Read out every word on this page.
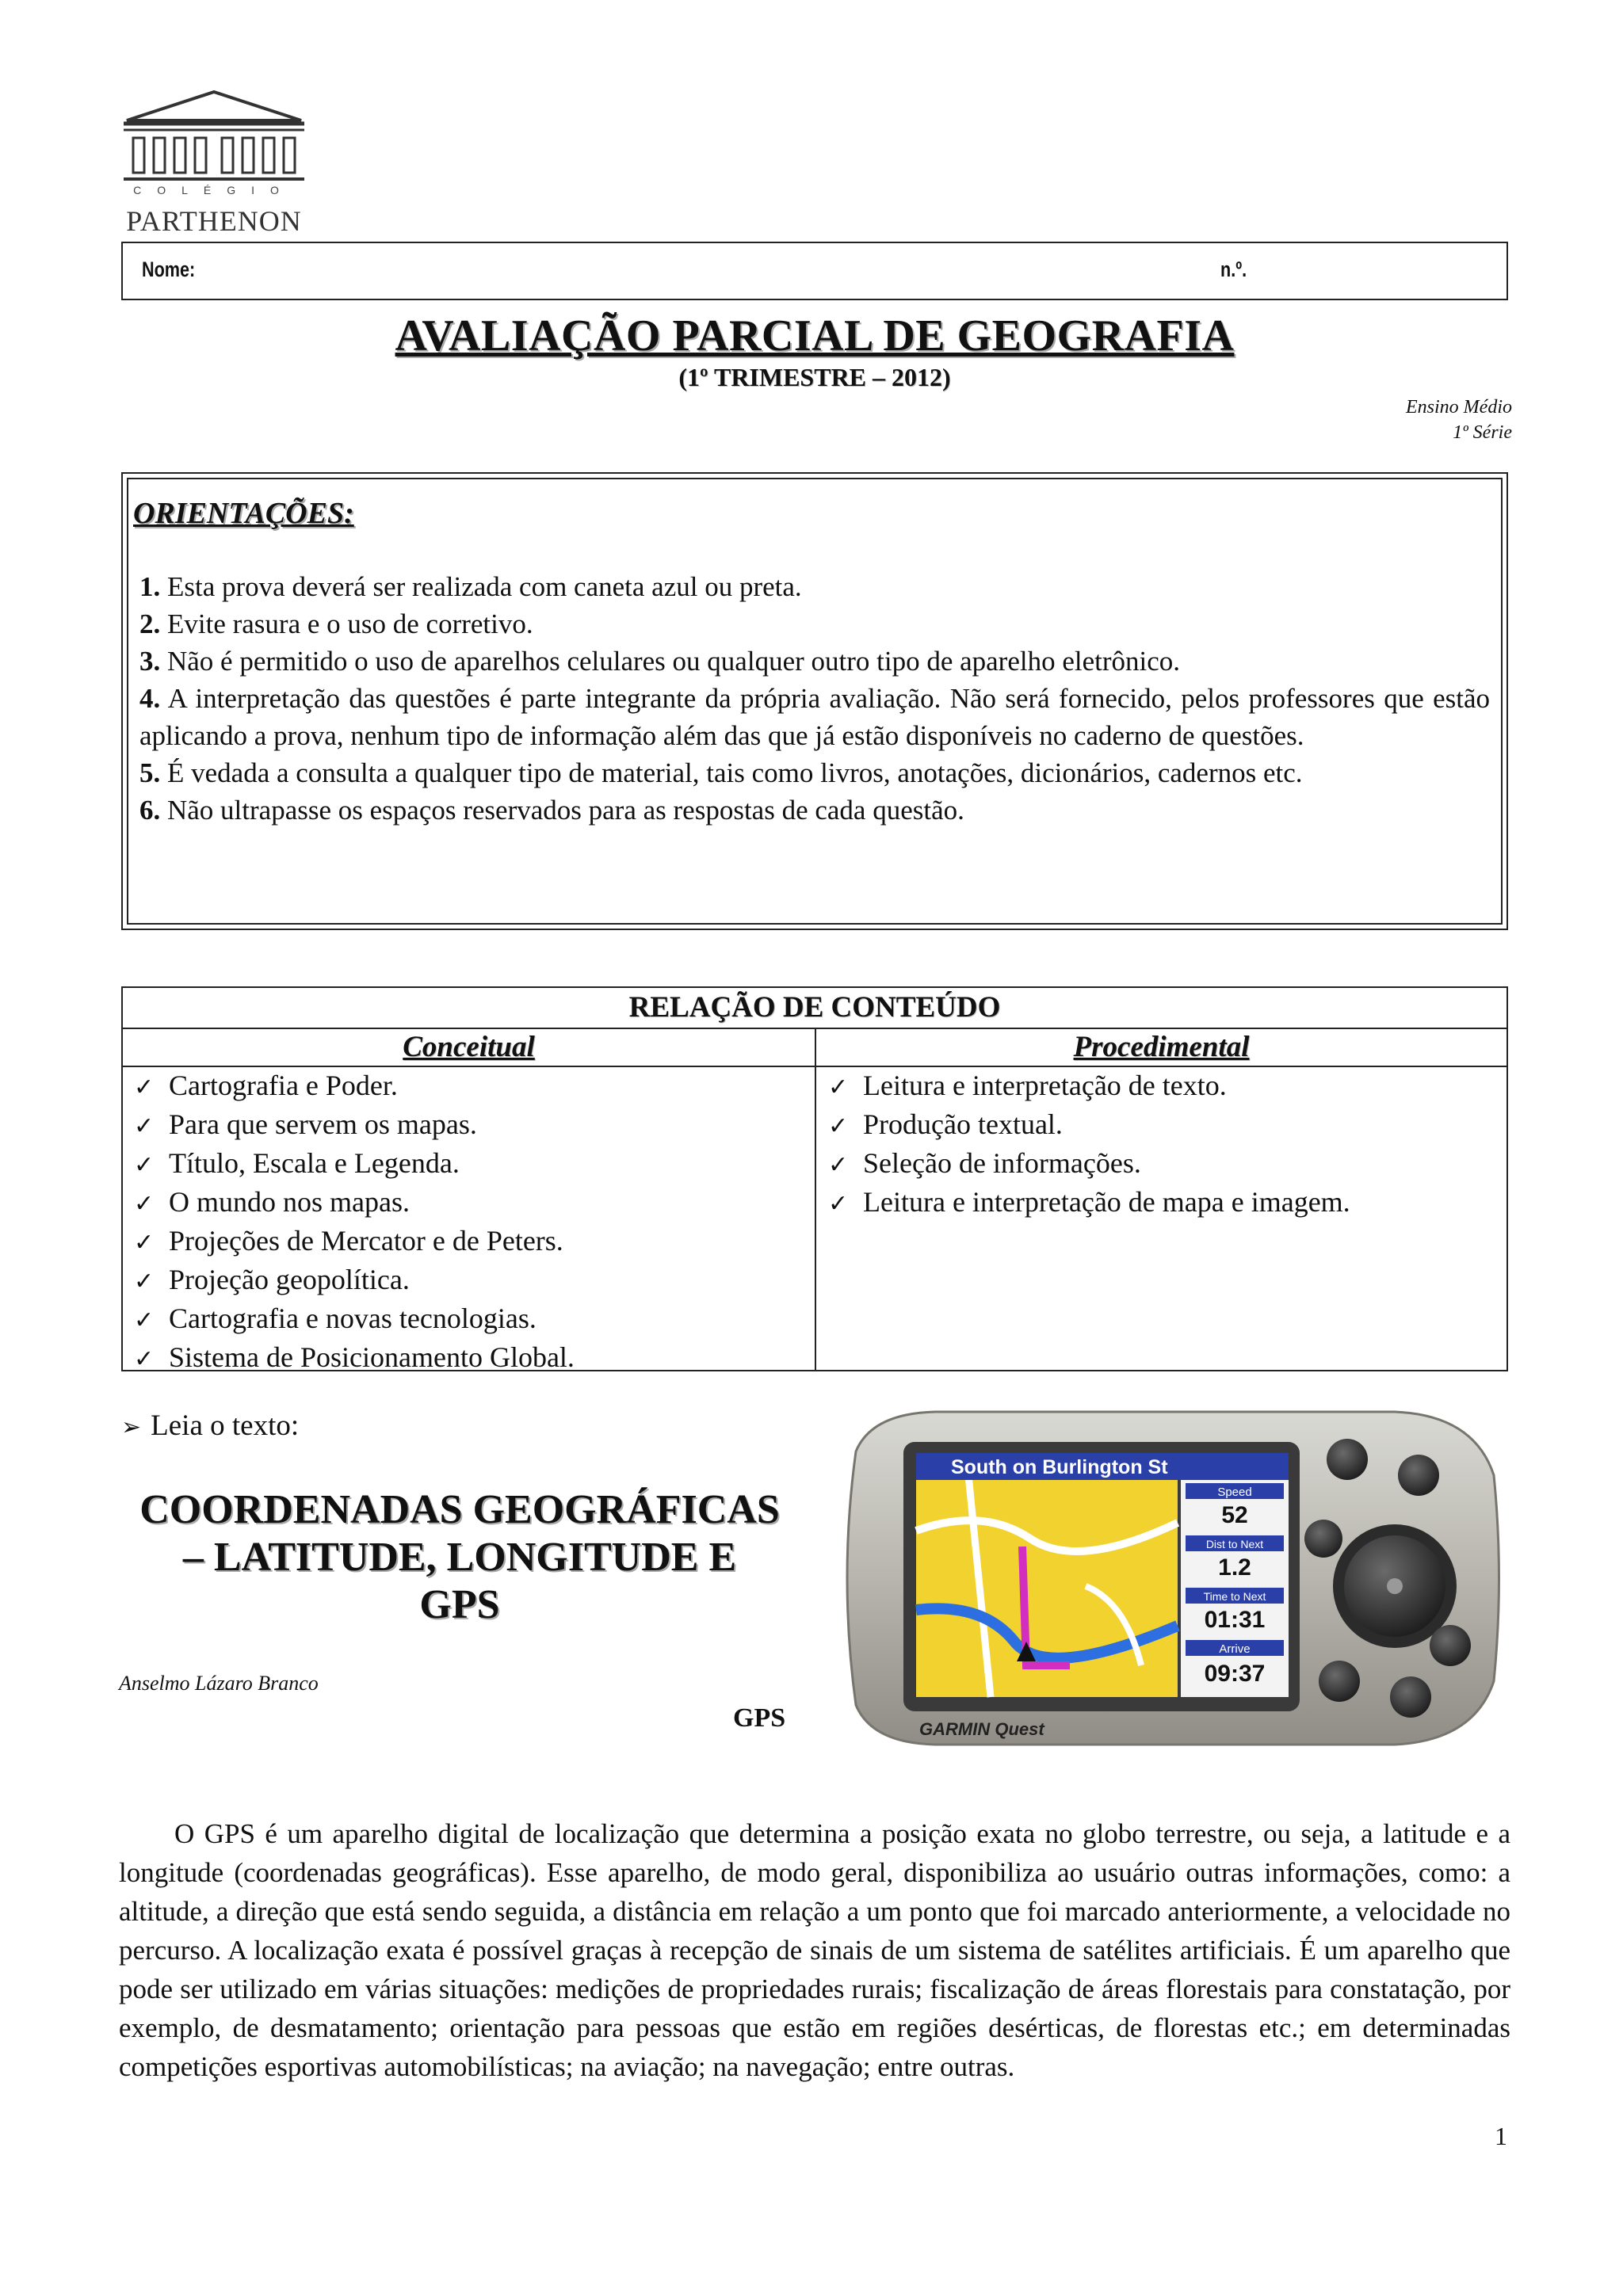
COLÉGIO
PARTHENON
Nome:	n.º.
AVALIAÇÃO PARCIAL DE GEOGRAFIA
(1º TRIMESTRE – 2012)
Ensino Médio
1º Série
ORIENTAÇÕES:
1. Esta prova deverá ser realizada com caneta azul ou preta.
2. Evite rasura e o uso de corretivo.
3. Não é permitido o uso de aparelhos celulares ou qualquer outro tipo de aparelho eletrônico.
4. A interpretação das questões é parte integrante da própria avaliação. Não será fornecido, pelos professores que estão aplicando a prova, nenhum tipo de informação além das que já estão disponíveis no caderno de questões.
5. É vedada a consulta a qualquer tipo de material, tais como livros, anotações, dicionários, cadernos etc.
6. Não ultrapasse os espaços reservados para as respostas de cada questão.
RELAÇÃO DE CONTEÚDO
Conceitual	Procedimental
✓ Cartografia e Poder.
✓ Para que servem os mapas.
✓ Título, Escala e Legenda.
✓ O mundo nos mapas.
✓ Projeções de Mercator e de Peters.
✓ Projeção geopolítica.
✓ Cartografia e novas tecnologias.
✓ Sistema de Posicionamento Global.
✓ Leitura e interpretação de texto.
✓ Produção textual.
✓ Seleção de informações.
✓ Leitura e interpretação de mapa e imagem.
➢ Leia o texto:
COORDENADAS GEOGRÁFICAS
– LATITUDE, LONGITUDE E
GPS
Anselmo Lázaro Branco
GPS
South on Burlington St
Speed
52
Dist to Next
1.2
Time to Next
01:31
Arrive
09:37
GARMIN Quest
O GPS é um aparelho digital de localização que determina a posição exata no globo terrestre, ou seja, a latitude e a longitude (coordenadas geográficas). Esse aparelho, de modo geral, disponibiliza ao usuário outras informações, como: a altitude, a direção que está sendo seguida, a distância em relação a um ponto que foi marcado anteriormente, a velocidade no percurso. A localização exata é possível graças à recepção de sinais de um sistema de satélites artificiais. É um aparelho que pode ser utilizado em várias situações: medições de propriedades rurais; fiscalização de áreas florestais para constatação, por exemplo, de desmatamento; orientação para pessoas que estão em regiões desérticas, de florestas etc.; em determinadas competições esportivas automobilísticas; na aviação; na navegação; entre outras.
1
